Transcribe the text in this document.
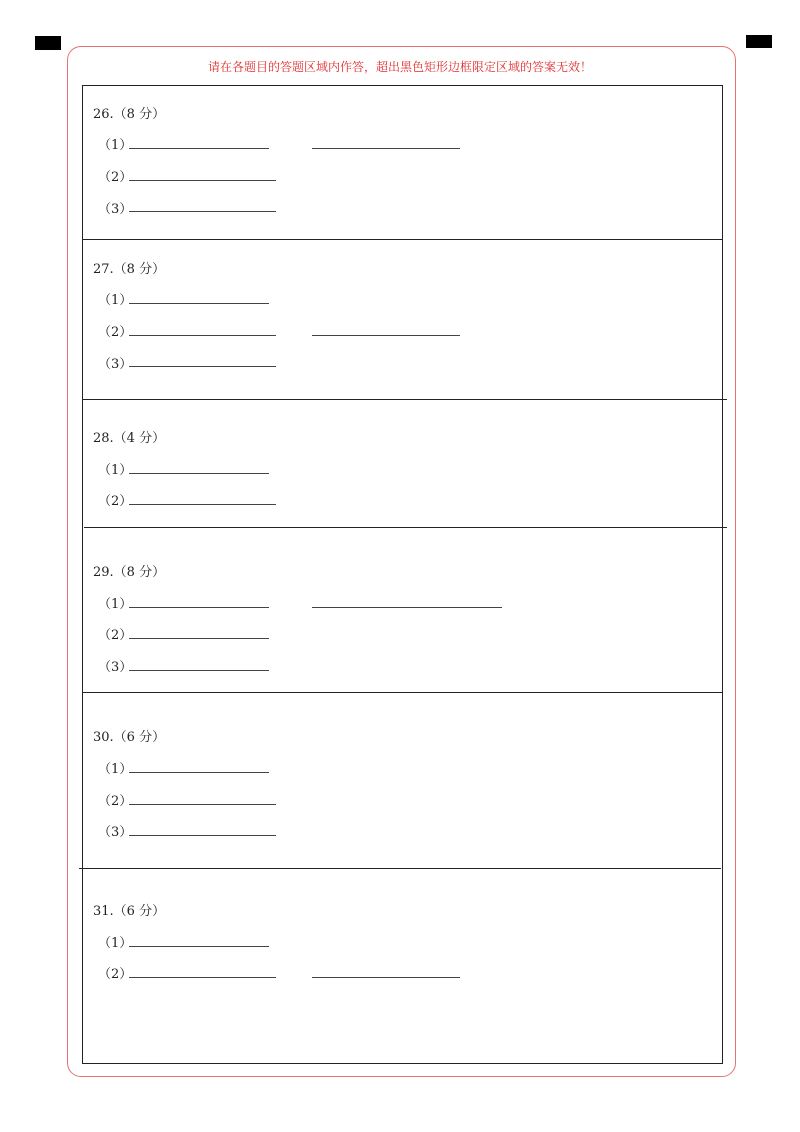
请在各题目的答题区域内作答，超出黑色矩形边框限定区域的答案无效！
26.（8 分）
（1）
（2）
（3）
27.（8 分）
（1）
（2）
（3）
28.（4 分）
（1）
（2）
29.（8 分）
（1）
（2）
（3）
30.（6 分）
（1）
（2）
（3）
31.（6 分）
（1）
（2）
